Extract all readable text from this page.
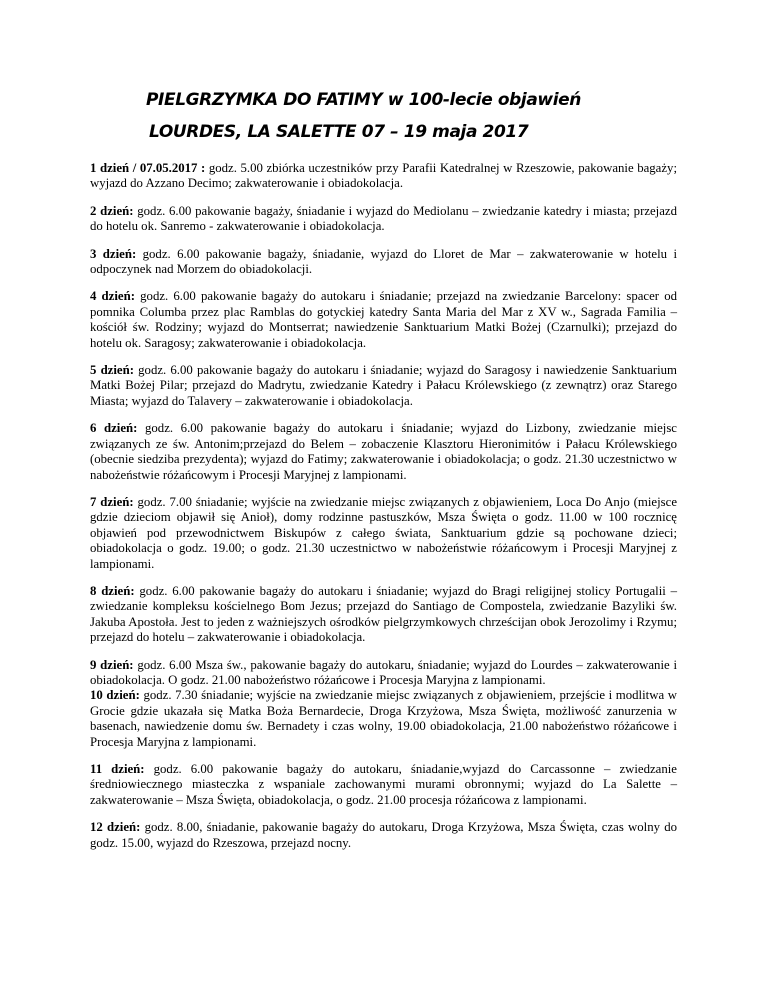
PIELGRZYMKA DO FATIMY w 100-lecie objawień
LOURDES, LA SALETTE 07 – 19 maja 2017

1 dzień / 07.05.2017 : godz. 5.00 zbiórka uczestników przy Parafii Katedralnej w Rzeszowie, pakowanie bagaży; wyjazd do Azzano Decimo; zakwaterowanie i obiadokolacja.

2 dzień: godz. 6.00 pakowanie bagaży, śniadanie i wyjazd do Mediolanu – zwiedzanie katedry i miasta; przejazd do hotelu ok. Sanremo - zakwaterowanie i obiadokolacja.

3 dzień: godz. 6.00 pakowanie bagaży, śniadanie, wyjazd do Lloret de Mar – zakwaterowanie w hotelu i odpoczynek nad Morzem do obiadokolacji.

4 dzień: godz. 6.00 pakowanie bagaży do autokaru i śniadanie; przejazd na zwiedzanie Barcelony: spacer od pomnika Columba przez plac Ramblas do gotyckiej katedry Santa Maria del Mar z XV w., Sagrada Familia – kościół św. Rodziny; wyjazd do Montserrat; nawiedzenie Sanktuarium Matki Bożej (Czarnulki); przejazd do hotelu ok. Saragosy; zakwaterowanie i obiadokolacja.

5 dzień: godz. 6.00 pakowanie bagaży do autokaru i śniadanie; wyjazd do Saragosy i nawiedzenie Sanktuarium Matki Bożej Pilar; przejazd do Madrytu, zwiedzanie Katedry i Pałacu Królewskiego (z zewnątrz) oraz Starego Miasta; wyjazd do Talavery – zakwaterowanie i obiadokolacja.

6 dzień: godz. 6.00 pakowanie bagaży do autokaru i śniadanie; wyjazd do Lizbony, zwiedzanie miejsc związanych ze św. Antonim;przejazd do Belem – zobaczenie Klasztoru Hieronimitów i Pałacu Królewskiego (obecnie siedziba prezydenta); wyjazd do Fatimy; zakwaterowanie i obiadokolacja; o godz. 21.30 uczestnictwo w nabożeństwie różańcowym i Procesji Maryjnej z lampionami.

7 dzień: godz. 7.00 śniadanie; wyjście na zwiedzanie miejsc związanych z objawieniem, Loca Do Anjo (miejsce gdzie dzieciom objawił się Anioł), domy rodzinne pastuszków, Msza Święta o godz. 11.00 w 100 rocznicę objawień pod przewodnictwem Biskupów z całego świata, Sanktuarium gdzie są pochowane dzieci; obiadokolacja o godz. 19.00; o godz. 21.30 uczestnictwo w nabożeństwie różańcowym i Procesji Maryjnej z lampionami.

8 dzień: godz. 6.00 pakowanie bagaży do autokaru i śniadanie; wyjazd do Bragi religijnej stolicy Portugalii – zwiedzanie kompleksu kościelnego Bom Jezus; przejazd do Santiago de Compostela, zwiedzanie Bazyliki św. Jakuba Apostoła. Jest to jeden z ważniejszych ośrodków pielgrzymkowych chrześcijan obok Jerozolimy i Rzymu; przejazd do hotelu – zakwaterowanie i obiadokolacja.

9 dzień: godz. 6.00 Msza św., pakowanie bagaży do autokaru, śniadanie; wyjazd do Lourdes – zakwaterowanie i obiadokolacja. O godz. 21.00 nabożeństwo różańcowe i Procesja Maryjna z lampionami.

10 dzień: godz. 7.30 śniadanie; wyjście na zwiedzanie miejsc związanych z objawieniem, przejście i modlitwa w Grocie gdzie ukazała się Matka Boża Bernardecie, Droga Krzyżowa, Msza Święta, możliwość zanurzenia w basenach, nawiedzenie domu św. Bernadety i czas wolny, 19.00 obiadokolacja, 21.00 nabożeństwo różańcowe i Procesja Maryjna z lampionami.

11 dzień: godz. 6.00 pakowanie bagaży do autokaru, śniadanie,wyjazd do Carcassonne – zwiedzanie średniowiecznego miasteczka z wspaniale zachowanymi murami obronnymi; wyjazd do La Salette – zakwaterowanie – Msza Święta, obiadokolacja, o godz. 21.00 procesja różańcowa z lampionami.

12 dzień: godz. 8.00, śniadanie, pakowanie bagaży do autokaru, Droga Krzyżowa, Msza Święta, czas wolny do godz. 15.00, wyjazd do Rzeszowa, przejazd nocny.
